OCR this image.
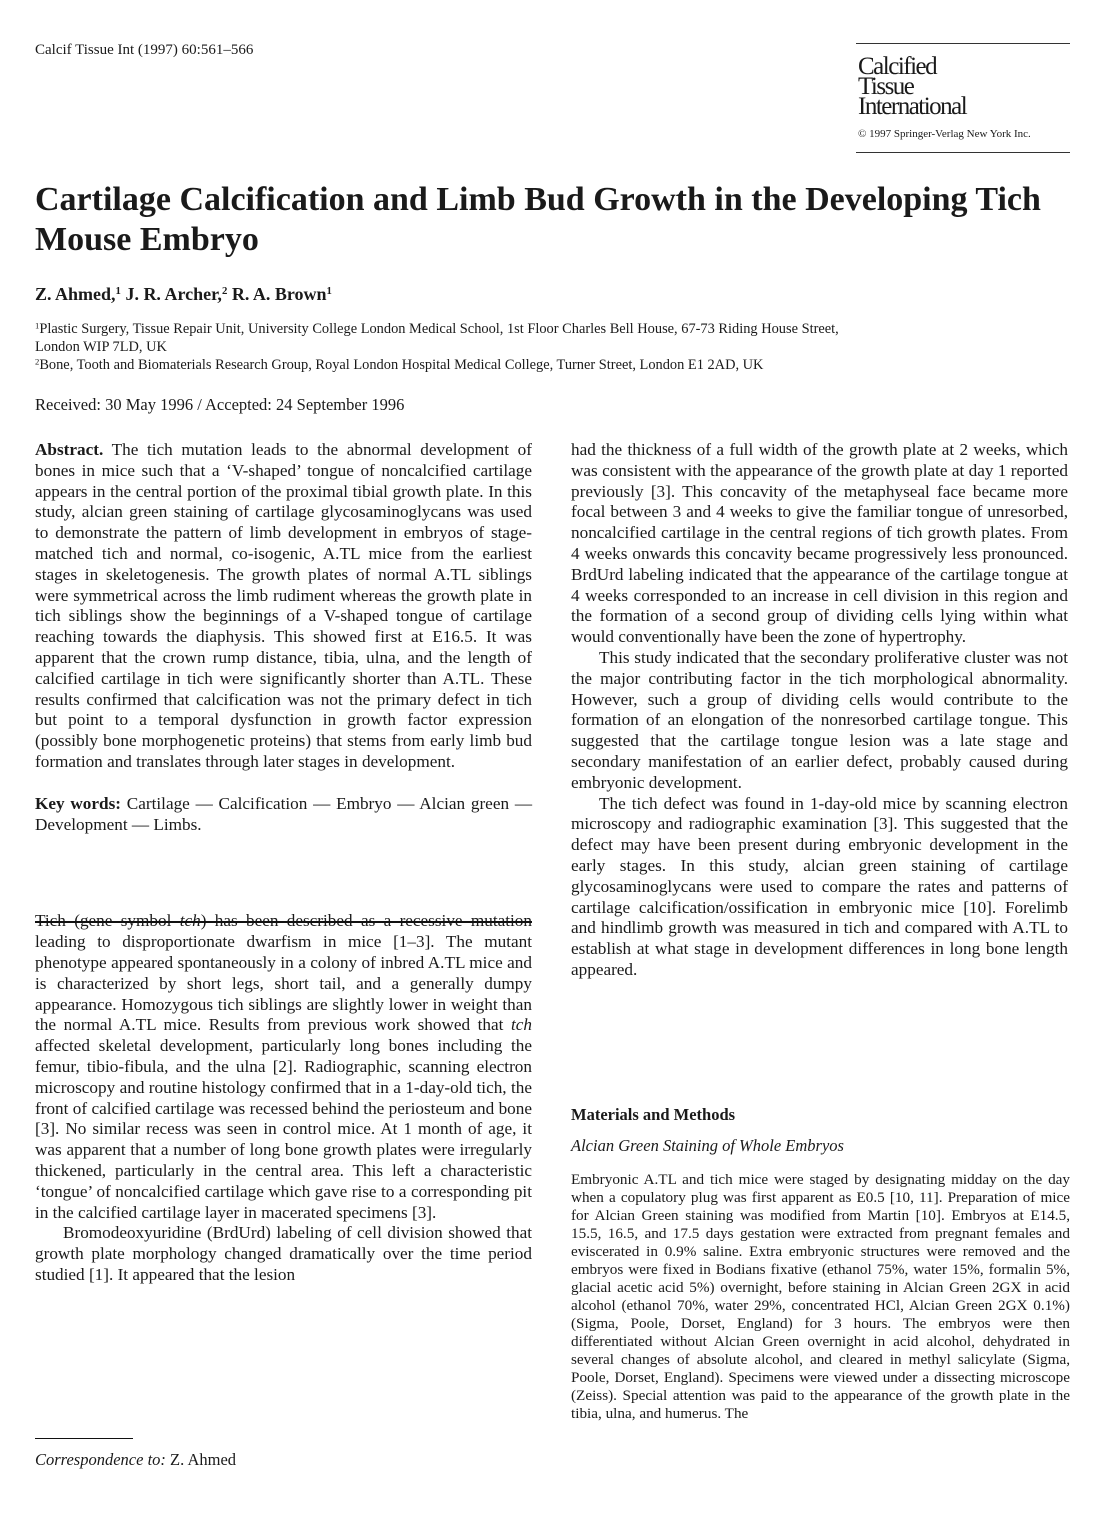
Calcif Tissue Int (1997) 60:561–566
Calcified
Tissue
International
© 1997 Springer-Verlag New York Inc.
Cartilage Calcification and Limb Bud Growth in the Developing Tich Mouse Embryo
Z. Ahmed,$^1$ J. R. Archer,$^2$ R. A. Brown$^1$
$^1$Plastic Surgery, Tissue Repair Unit, University College London Medical School, 1st Floor Charles Bell House, 67-73 Riding House Street,
London WIP 7LD, UK
$^2$Bone, Tooth and Biomaterials Research Group, Royal London Hospital Medical College, Turner Street, London E1 2AD, UK
Received: 30 May 1996 / Accepted: 24 September 1996

Abstract. The tich mutation leads to the abnormal development of bones in mice such that a ‘V-shaped’ tongue of noncalcified cartilage appears in the central portion of the proximal tibial growth plate. In this study, alcian green staining of cartilage glycosaminoglycans was used to demonstrate the pattern of limb development in embryos of stage-matched tich and normal, co-isogenic, A.TL mice from the earliest stages in skeletogenesis. The growth plates of normal A.TL siblings were symmetrical across the limb rudiment whereas the growth plate in tich siblings show the beginnings of a V-shaped tongue of cartilage reaching towards the diaphysis. This showed first at E16.5. It was apparent that the crown rump distance, tibia, ulna, and the length of calcified cartilage in tich were significantly shorter than A.TL. These results confirmed that calcification was not the primary defect in tich but point to a temporal dysfunction in growth factor expression (possibly bone morphogenetic proteins) that stems from early limb bud formation and translates through later stages in development.

Key words: Cartilage — Calcification — Embryo — Alcian green — Development — Limbs.

Tich (gene symbol tch) has been described as a recessive mutation leading to disproportionate dwarfism in mice [1–3]. The mutant phenotype appeared spontaneously in a colony of inbred A.TL mice and is characterized by short legs, short tail, and a generally dumpy appearance. Homozygous tich siblings are slightly lower in weight than the normal A.TL mice. Results from previous work showed that tch affected skeletal development, particularly long bones including the femur, tibio-fibula, and the ulna [2]. Radiographic, scanning electron microscopy and routine histology confirmed that in a 1-day-old tich, the front of calcified cartilage was recessed behind the periosteum and bone [3]. No similar recess was seen in control mice. At 1 month of age, it was apparent that a number of long bone growth plates were irregularly thickened, particularly in the central area. This left a characteristic ‘tongue’ of noncalcified cartilage which gave rise to a corresponding pit in the calcified cartilage layer in macerated specimens [3].

Bromodeoxyuridine (BrdUrd) labeling of cell division showed that growth plate morphology changed dramatically over the time period studied [1]. It appeared that the lesion

Correspondence to: Z. Ahmed

had the thickness of a full width of the growth plate at 2 weeks, which was consistent with the appearance of the growth plate at day 1 reported previously [3]. This concavity of the metaphyseal face became more focal between 3 and 4 weeks to give the familiar tongue of unresorbed, noncalcified cartilage in the central regions of tich growth plates. From 4 weeks onwards this concavity became progressively less pronounced. BrdUrd labeling indicated that the appearance of the cartilage tongue at 4 weeks corresponded to an increase in cell division in this region and the formation of a second group of dividing cells lying within what would conventionally have been the zone of hypertrophy.

This study indicated that the secondary proliferative cluster was not the major contributing factor in the tich morphological abnormality. However, such a group of dividing cells would contribute to the formation of an elongation of the nonresorbed cartilage tongue. This suggested that the cartilage tongue lesion was a late stage and secondary manifestation of an earlier defect, probably caused during embryonic development.

The tich defect was found in 1-day-old mice by scanning electron microscopy and radiographic examination [3]. This suggested that the defect may have been present during embryonic development in the early stages. In this study, alcian green staining of cartilage glycosaminoglycans were used to compare the rates and patterns of cartilage calcification/ossification in embryonic mice [10]. Forelimb and hindlimb growth was measured in tich and compared with A.TL to establish at what stage in development differences in long bone length appeared.

Materials and Methods
Alcian Green Staining of Whole Embryos

Embryonic A.TL and tich mice were staged by designating midday on the day when a copulatory plug was first apparent as E0.5 [10, 11]. Preparation of mice for Alcian Green staining was modified from Martin [10]. Embryos at E14.5, 15.5, 16.5, and 17.5 days gestation were extracted from pregnant females and eviscerated in 0.9% saline. Extra embryonic structures were removed and the embryos were fixed in Bodians fixative (ethanol 75%, water 15%, formalin 5%, glacial acetic acid 5%) overnight, before staining in Alcian Green 2GX in acid alcohol (ethanol 70%, water 29%, concentrated HCl, Alcian Green 2GX 0.1%) (Sigma, Poole, Dorset, England) for 3 hours. The embryos were then differentiated without Alcian Green overnight in acid alcohol, dehydrated in several changes of absolute alcohol, and cleared in methyl salicylate (Sigma, Poole, Dorset, England). Specimens were viewed under a dissecting microscope (Zeiss). Special attention was paid to the appearance of the growth plate in the tibia, ulna, and humerus. The
